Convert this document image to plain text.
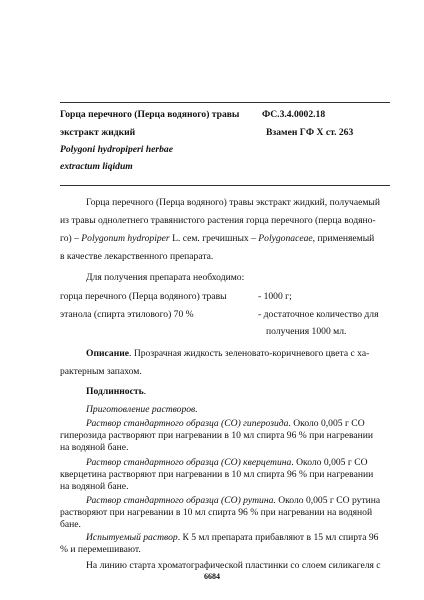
Горца перечного (Перца водяного) травы ФС.3.4.0002.18
экстракт жидкий	Взамен ГФ X ст. 263
Polygoni hydropiperi herbae
extractum liqidum
Горца перечного (Перца водяного) травы экстракт жидкий, получаемый
из травы однолетнего травянистого растения горца перечного (перца водяно-
го) – Polygonum hydropiper L. сем. гречишных – Polygonaceae, применяемый
в качестве лекарственного препарата.
Для получения препарата необходимо:
горца перечного (Перца водяного) травы	- 1000 г;
этанола (спирта этилового) 70 %	- достаточное количество для
получения 1000 мл.
Описание. Прозрачная жидкость зеленовато-коричневого цвета с ха-
рактерным запахом.
Подлинность.
Приготовление растворов.
Раствор стандартного образца (СО) гиперозида. Около 0,005 г СО
гиперозида растворяют при нагревании в 10 мл спирта 96 % при нагревании
на водяной бане.
Раствор стандартного образца (СО) кверцетина. Около 0,005 г СО
кверцетина растворяют при нагревании в 10 мл спирта 96 % при нагревании
на водяной бане.
Раствор стандартного образца (СО) рутина. Около 0,005 г СО рутина
растворяют при нагревании в 10 мл спирта 96 % при нагревании на водяной
бане.
Испытуемый раствор. К 5 мл препарата прибавляют в 15 мл спирта 96
% и перемешивают.
На линию старта хроматографической пластинки со слоем силикагеля с
6684
